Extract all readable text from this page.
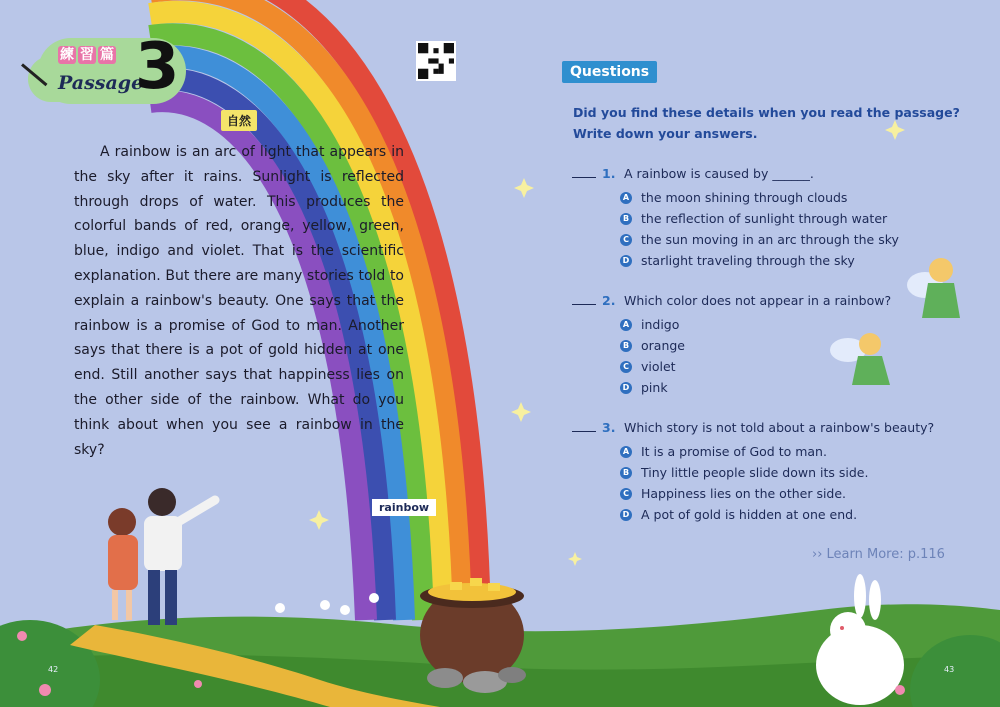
練 習 篇
Passage
3
自然

A rainbow is an arc of light that appears in the sky after it rains. Sunlight is reflected through drops of water. This produces the colorful bands of red, orange, yellow, green, blue, indigo and violet. That is the scientific explanation. But there are many stories told to explain a rainbow's beauty. One says that the rainbow is a promise of God to man. Another says that there is a pot of gold hidden at one end. Still another says that happiness lies on the other side of the rainbow. What do you think about when you see a rainbow in the sky?

rainbow
42
Questions
Did you find these details when you read the passage?
Write down your answers.
1. A rainbow is caused by ______.
A the moon shining through clouds
B the reflection of sunlight through water
C the sun moving in an arc through the sky
D starlight traveling through the sky
2. Which color does not appear in a rainbow?
A indigo
B orange
C violet
D pink
3. Which story is not told about a rainbow's beauty?
A It is a promise of God to man.
B Tiny little people slide down its side.
C Happiness lies on the other side.
D A pot of gold is hidden at one end.
›› Learn More: p.116
43
